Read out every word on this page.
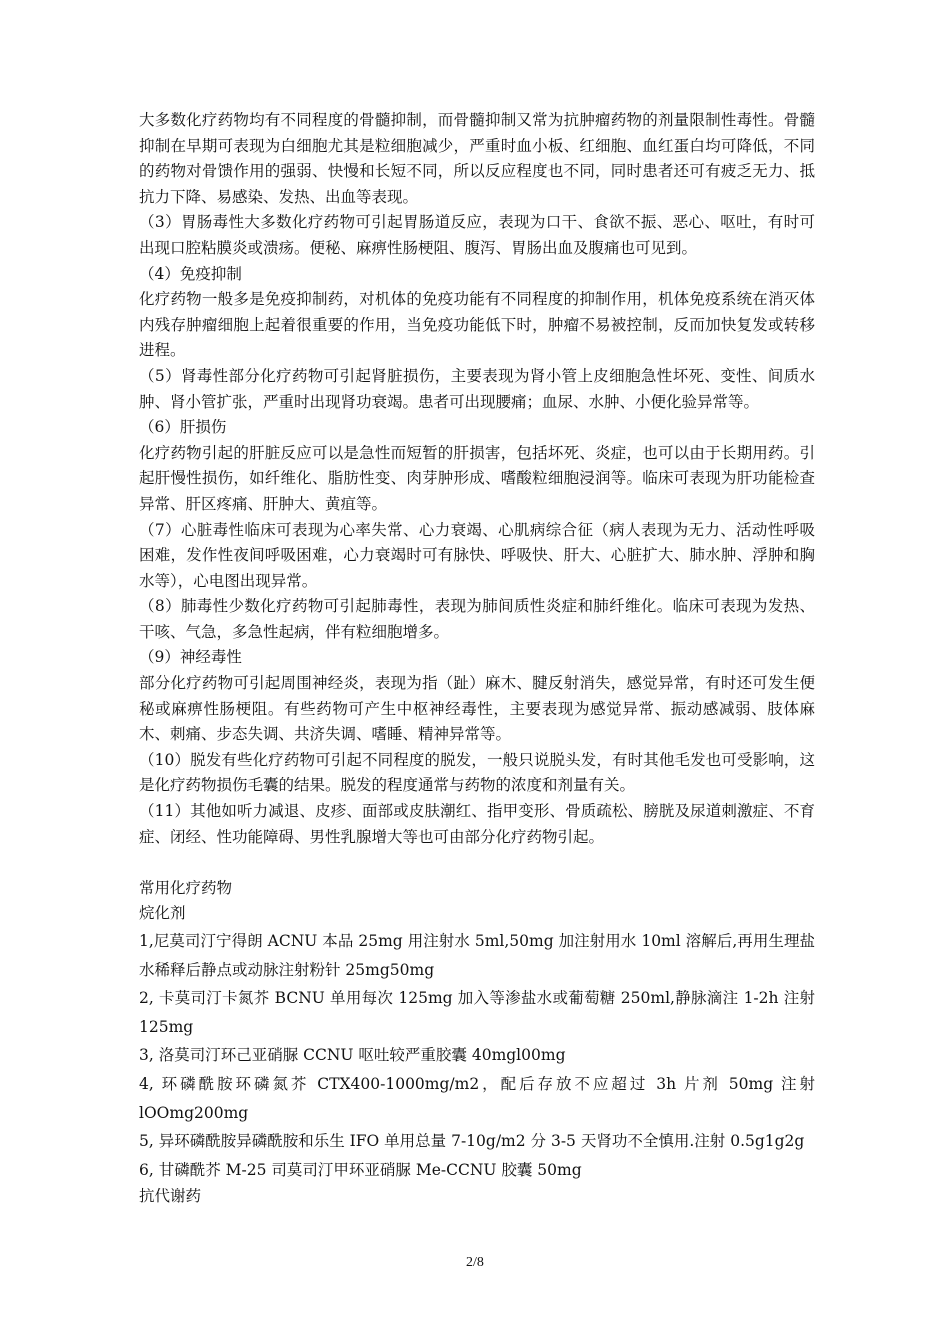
大多数化疗药物均有不同程度的骨髓抑制，而骨髓抑制又常为抗肿瘤药物的剂量限制性毒性。骨髓抑制在早期可表现为白细胞尤其是粒细胞减少，严重时血小板、红细胞、血红蛋白均可降低，不同的药物对骨馈作用的强弱、快慢和长短不同，所以反应程度也不同，同时患者还可有疲乏无力、抵抗力下降、易感染、发热、出血等表现。

（3）胃肠毒性大多数化疗药物可引起胃肠道反应，表现为口干、食欲不振、恶心、呕吐，有时可出现口腔粘膜炎或溃疡。便秘、麻痹性肠梗阻、腹泻、胃肠出血及腹痛也可见到。

（4）免疫抑制

化疗药物一般多是免疫抑制药，对机体的免疫功能有不同程度的抑制作用，机体免疫系统在消灭体内残存肿瘤细胞上起着很重要的作用，当免疫功能低下时，肿瘤不易被控制，反而加快复发或转移进程。

（5）肾毒性部分化疗药物可引起肾脏损伤，主要表现为肾小管上皮细胞急性坏死、变性、间质水肿、肾小管扩张，严重时出现肾功衰竭。患者可出现腰痛；血尿、水肿、小便化验异常等。

（6）肝损伤

化疗药物引起的肝脏反应可以是急性而短暂的肝损害，包括坏死、炎症，也可以由于长期用药。引起肝慢性损伤，如纤维化、脂肪性变、肉芽肿形成、嗜酸粒细胞浸润等。临床可表现为肝功能检查异常、肝区疼痛、肝肿大、黄疽等。

（7）心脏毒性临床可表现为心率失常、心力衰竭、心肌病综合征（病人表现为无力、活动性呼吸困难，发作性夜间呼吸困难，心力衰竭时可有脉快、呼吸快、肝大、心脏扩大、肺水肿、浮肿和胸水等），心电图出现异常。

（8）肺毒性少数化疗药物可引起肺毒性，表现为肺间质性炎症和肺纤维化。临床可表现为发热、干咳、气急，多急性起病，伴有粒细胞增多。

（9）神经毒性

部分化疗药物可引起周围神经炎，表现为指（趾）麻木、腱反射消失，感觉异常，有时还可发生便秘或麻痹性肠梗阻。有些药物可产生中枢神经毒性，主要表现为感觉异常、振动感减弱、肢体麻木、刺痛、步态失调、共济失调、嗜睡、精神异常等。

（10）脱发有些化疗药物可引起不同程度的脱发，一般只说脱头发，有时其他毛发也可受影响，这是化疗药物损伤毛囊的结果。脱发的程度通常与药物的浓度和剂量有关。

（11）其他如听力减退、皮疹、面部或皮肤潮红、指甲变形、骨质疏松、膀胱及尿道刺激症、不育症、闭经、性功能障碍、男性乳腺增大等也可由部分化疗药物引起。

常用化疗药物

烷化剂

1,尼莫司汀宁得朗 ACNU 本品 25mg 用注射水 5ml,50mg 加注射用水 10ml 溶解后,再用生理盐水稀释后静点或动脉注射粉针 25mg50mg

2, 卡莫司汀卡氮芥 BCNU 单用每次 125mg 加入等渗盐水或葡萄糖 250ml,静脉滴注 1-2h 注射 125mg

3, 洛莫司汀环己亚硝脲 CCNU 呕吐较严重胶囊 40mgl00mg

4, 环磷酰胺环磷氮芥 CTX400-1000mg/m2，配后存放不应超过 3h 片剂 50mg 注射 lOOmg200mg

5, 异环磷酰胺异磷酰胺和乐生 IFO 单用总量 7-10g/m2 分 3-5 天肾功不全慎用.注射 0.5g1g2g

6, 甘磷酰芥 M-25 司莫司汀甲环亚硝脲 Me-CCNU 胶囊 50mg

抗代谢药

2/8
